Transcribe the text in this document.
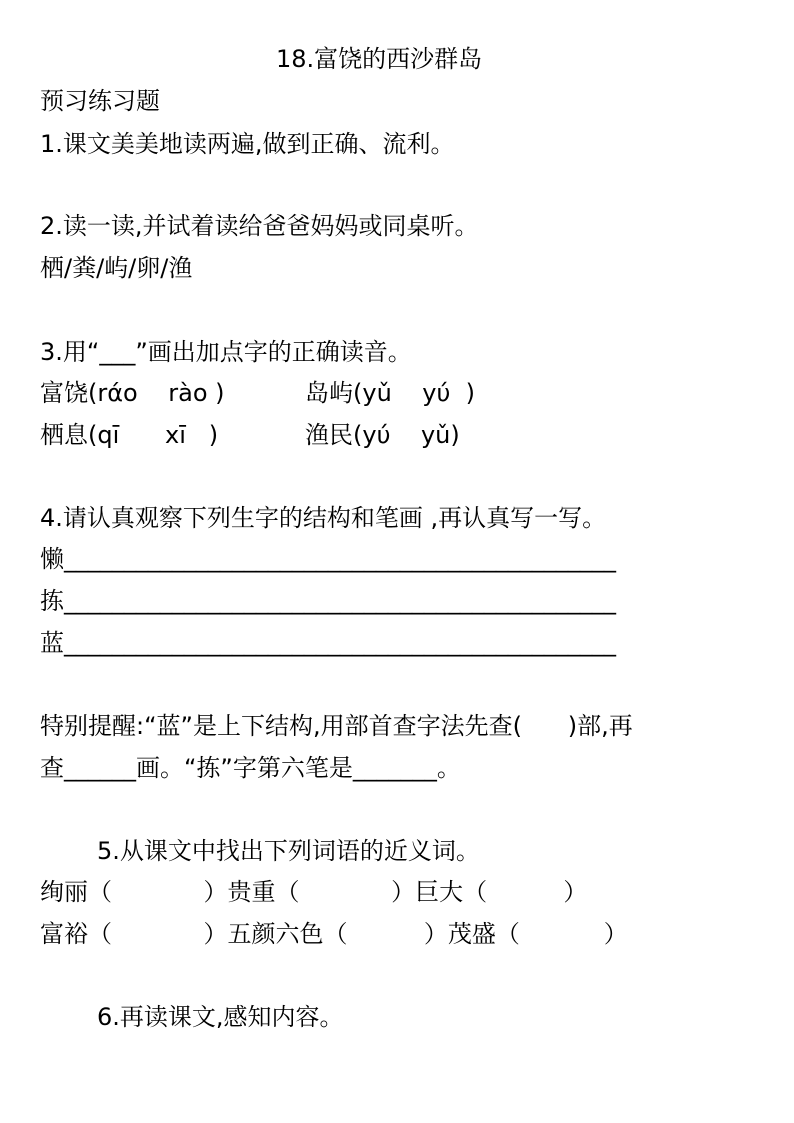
18.富饶的西沙群岛
预习练习题
1.课文美美地读两遍,做到正确、流利。
2.读一读,并试着读给爸爸妈妈或同桌听。
栖/粪/屿/卵/渔
3.用“___”画出加点字的正确读音。
富饶(rάo    rào )	岛屿(yǔ    yύ  )
栖息(qī      xī   )	渔民(yύ    yǔ)
4.请认真观察下列生字的结构和笔画 ,再认真写一写。
懒______________________________________________
拣______________________________________________
蓝______________________________________________
特别提醒:“蓝”是上下结构,用部首查字法先查(      )部,再
查______画。“拣”字第六笔是_______。
5.从课文中找出下列词语的近义词。
绚丽（            ）贵重（            ）巨大（          ）
富裕（            ）五颜六色（          ）茂盛（           ）
6.再读课文,感知内容。
